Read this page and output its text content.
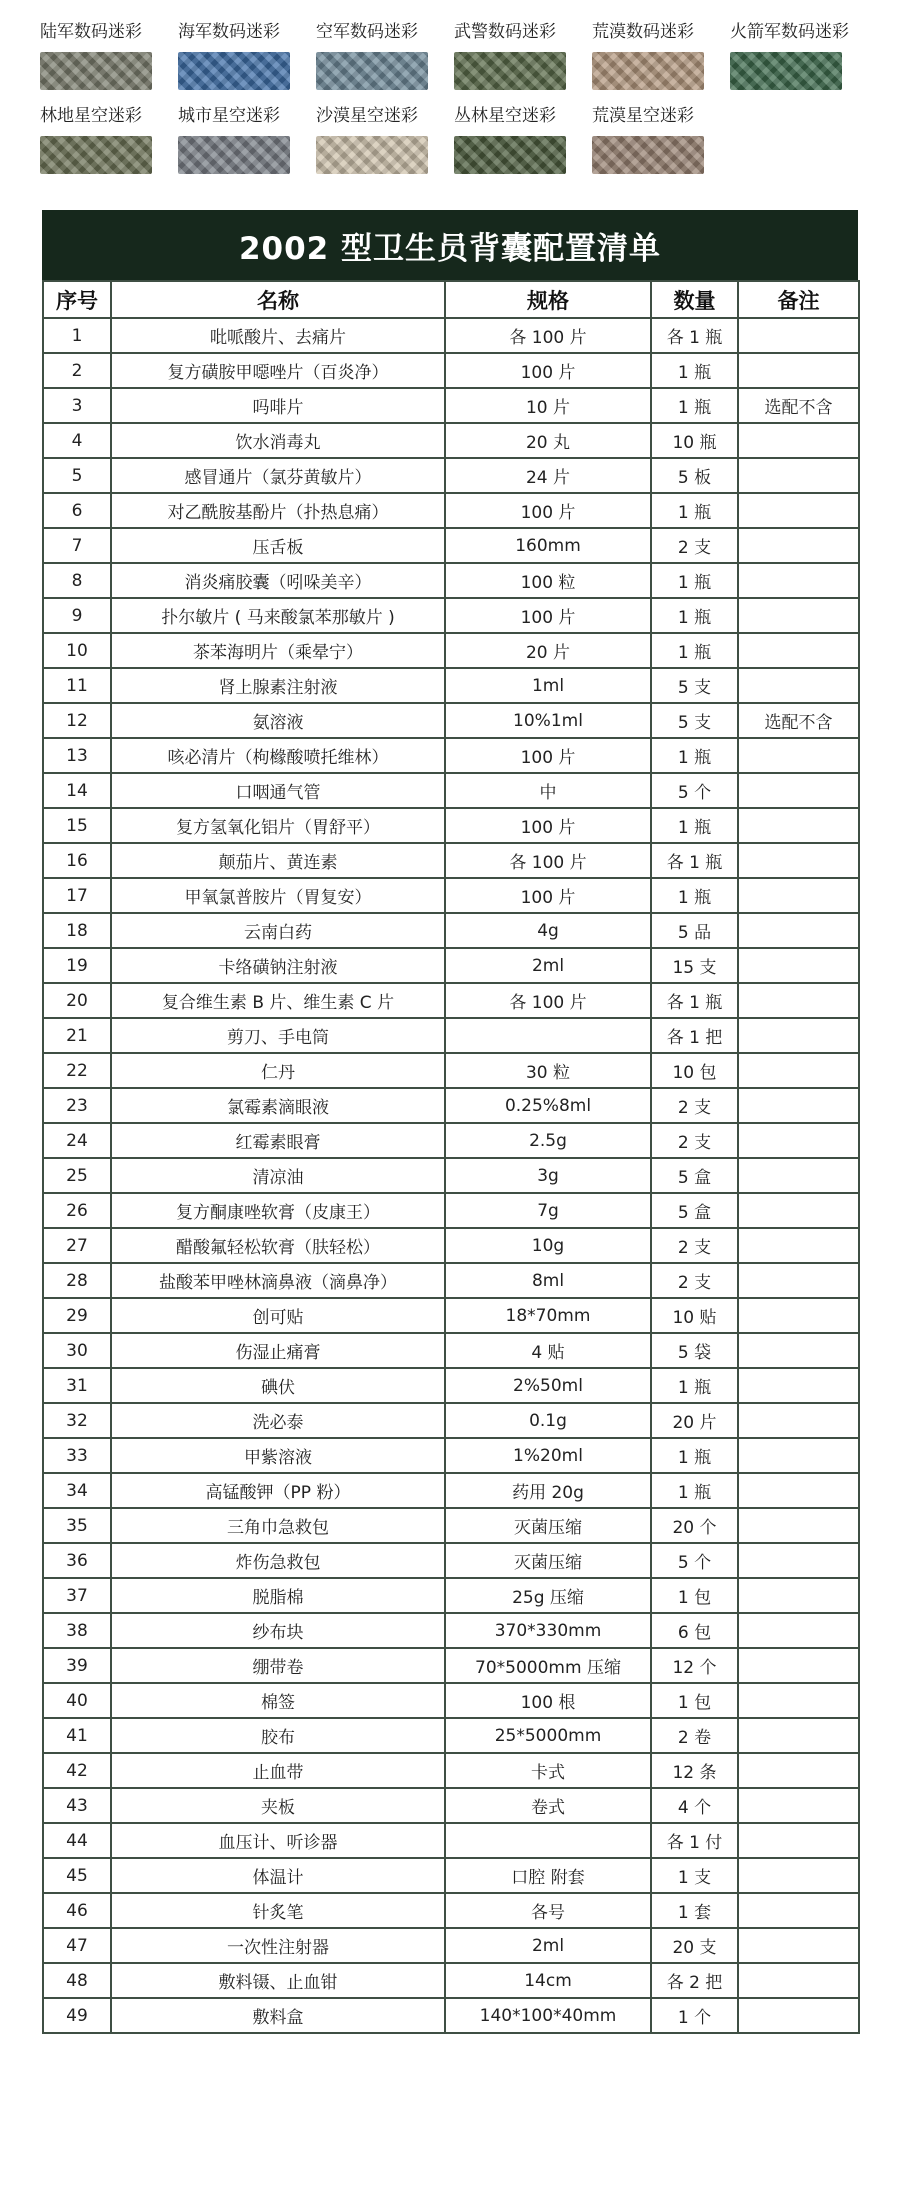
陆军数码迷彩	海军数码迷彩	空军数码迷彩	武警数码迷彩	荒漠数码迷彩	火箭军数码迷彩
林地星空迷彩	城市星空迷彩	沙漠星空迷彩	丛林星空迷彩	荒漠星空迷彩
2002 型卫生员背囊配置清单
序号	名称	规格	数量	备注
1	吡哌酸片、去痛片	各 100 片	各 1 瓶	
2	复方磺胺甲噁唑片（百炎净）	100 片	1 瓶	
3	吗啡片	10 片	1 瓶	选配不含
4	饮水消毒丸	20 丸	10 瓶	
5	感冒通片（氯芬黄敏片）	24 片	5 板	
6	对乙酰胺基酚片（扑热息痛）	100 片	1 瓶	
7	压舌板	160mm	2 支	
8	消炎痛胶囊（吲哚美辛）	100 粒	1 瓶	
9	扑尔敏片 ( 马来酸氯苯那敏片 )	100 片	1 瓶	
10	茶苯海明片（乘晕宁）	20 片	1 瓶	
11	肾上腺素注射液	1ml	5 支	
12	氨溶液	10%1ml	5 支	选配不含
13	咳必清片（枸橼酸喷托维林）	100 片	1 瓶	
14	口咽通气管	中	5 个	
15	复方氢氧化铝片（胃舒平）	100 片	1 瓶	
16	颠茄片、黄连素	各 100 片	各 1 瓶	
17	甲氧氯普胺片（胃复安）	100 片	1 瓶	
18	云南白药	4g	5 品	
19	卡络磺钠注射液	2ml	15 支	
20	复合维生素 B 片、维生素 C 片	各 100 片	各 1 瓶	
21	剪刀、手电筒		各 1 把	
22	仁丹	30 粒	10 包	
23	氯霉素滴眼液	0.25%8ml	2 支	
24	红霉素眼膏	2.5g	2 支	
25	清凉油	3g	5 盒	
26	复方酮康唑软膏（皮康王）	7g	5 盒	
27	醋酸氟轻松软膏（肤轻松）	10g	2 支	
28	盐酸苯甲唑林滴鼻液（滴鼻净）	8ml	2 支	
29	创可贴	18*70mm	10 贴	
30	伤湿止痛膏	4 贴	5 袋	
31	碘伏	2%50ml	1 瓶	
32	洗必泰	0.1g	20 片	
33	甲紫溶液	1%20ml	1 瓶	
34	高锰酸钾（PP 粉）	药用 20g	1 瓶	
35	三角巾急救包	灭菌压缩	20 个	
36	炸伤急救包	灭菌压缩	5 个	
37	脱脂棉	25g 压缩	1 包	
38	纱布块	370*330mm	6 包	
39	绷带卷	70*5000mm 压缩	12 个	
40	棉签	100 根	1 包	
41	胶布	25*5000mm	2 卷	
42	止血带	卡式	12 条	
43	夹板	卷式	4 个	
44	血压计、听诊器		各 1 付	
45	体温计	口腔 附套	1 支	
46	针炙笔	各号	1 套	
47	一次性注射器	2ml	20 支	
48	敷料镊、止血钳	14cm	各 2 把	
49	敷料盒	140*100*40mm	1 个	
